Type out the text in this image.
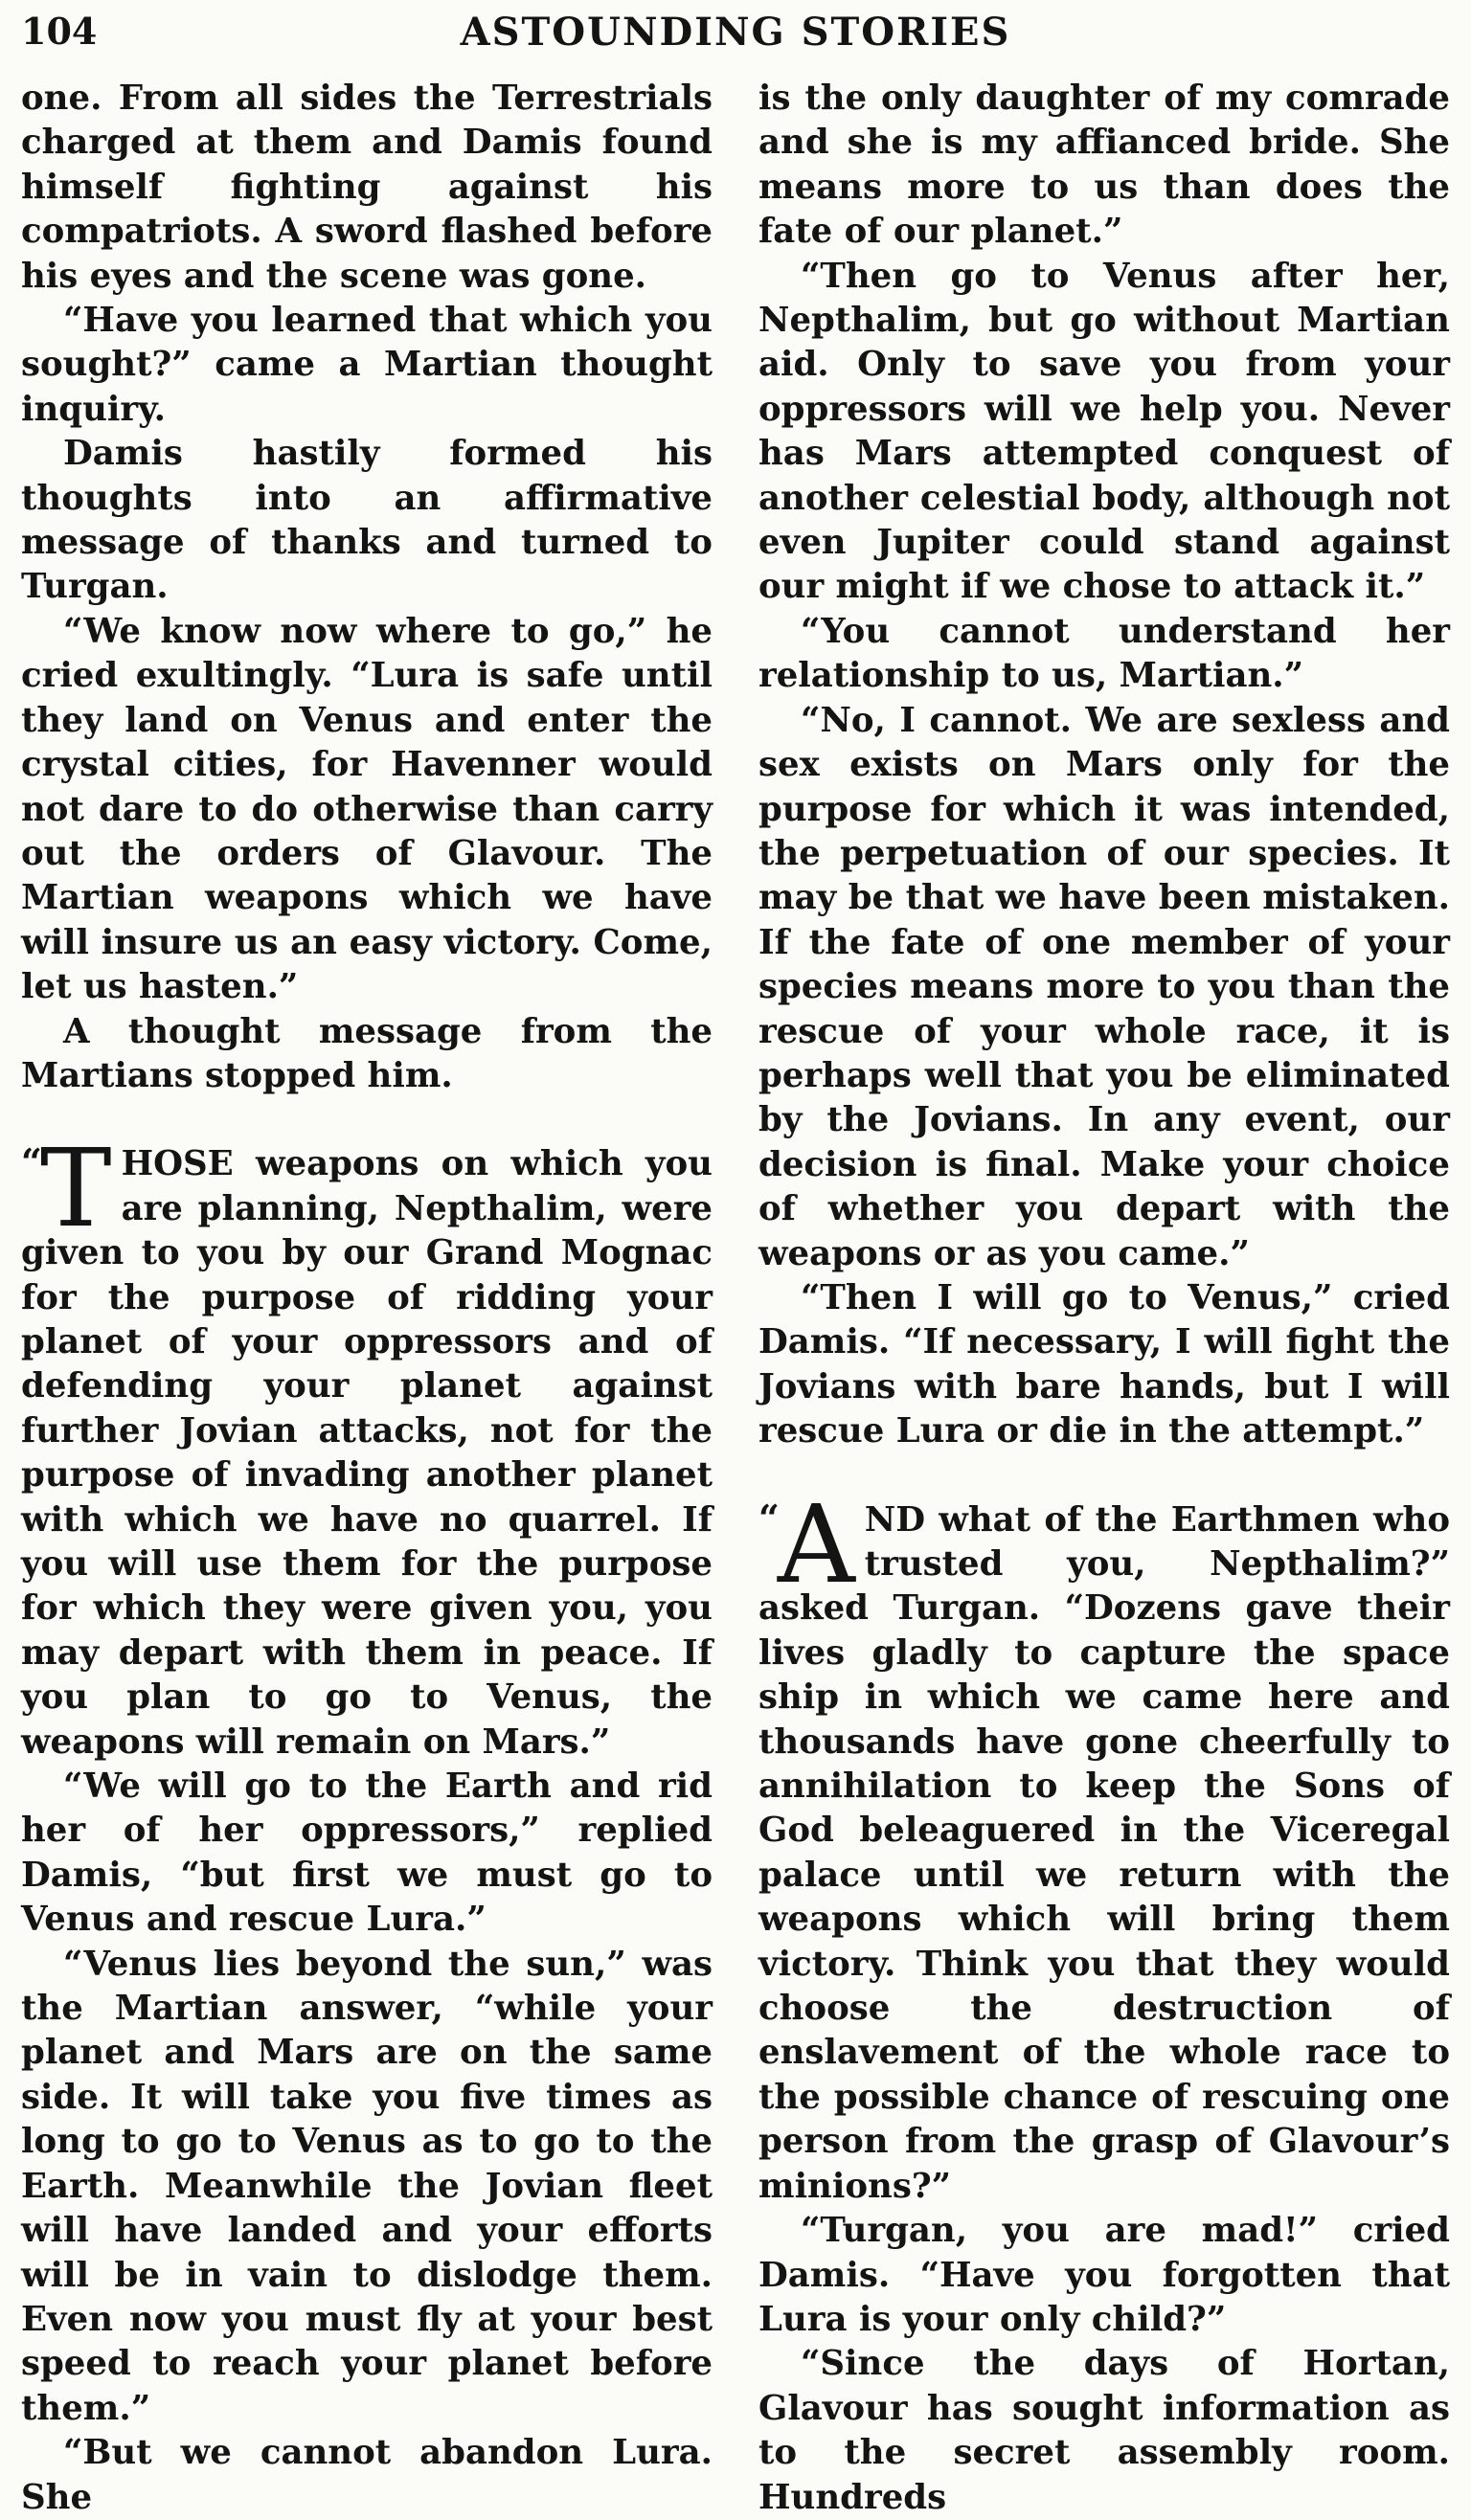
104	ASTOUNDING STORIES

one. From all sides the Terrestrials charged at them and Damis found himself fighting against his compatriots. A sword flashed before his eyes and the scene was gone.

“Have you learned that which you sought?” came a Martian thought inquiry.

Damis hastily formed his thoughts into an affirmative message of thanks and turned to Turgan.

“We know now where to go,” he cried exultingly. “Lura is safe until they land on Venus and enter the crystal cities, for Havenner would not dare to do otherwise than carry out the orders of Glavour. The Martian weapons which we have will insure us an easy victory. Come, let us hasten.”

A thought message from the Martians stopped him.

“
T HOSE weapons on which you are planning, Nepthalim, were given to you by our Grand Mognac for the purpose of ridding your planet of your oppressors and of defending your planet against further Jovian attacks, not for the purpose of invading another planet with which we have no quarrel. If you will use them for the purpose for which they were given you, you may depart with them in peace. If you plan to go to Venus, the weapons will remain on Mars.”

“We will go to the Earth and rid her of her oppressors,” replied Damis, “but first we must go to Venus and rescue Lura.”

“Venus lies beyond the sun,” was the Martian answer, “while your planet and Mars are on the same side. It will take you five times as long to go to Venus as to go to the Earth. Meanwhile the Jovian fleet will have landed and your efforts will be in vain to dislodge them. Even now you must fly at your best speed to reach your planet before them.”

“But we cannot abandon Lura. She

is the only daughter of my comrade and she is my affianced bride. She means more to us than does the fate of our planet.”

“Then go to Venus after her, Nepthalim, but go without Martian aid. Only to save you from your oppressors will we help you. Never has Mars attempted conquest of another celestial body, although not even Jupiter could stand against our might if we chose to attack it.”

“You cannot understand her relationship to us, Martian.”

“No, I cannot. We are sexless and sex exists on Mars only for the purpose for which it was intended, the perpetuation of our species. It may be that we have been mistaken. If the fate of one member of your species means more to you than the rescue of your whole race, it is perhaps well that you be eliminated by the Jovians. In any event, our decision is final. Make your choice of whether you depart with the weapons or as you came.”

“Then I will go to Venus,” cried Damis. “If necessary, I will fight the Jovians with bare hands, but I will rescue Lura or die in the attempt.”

“
A ND what of the Earthmen who trusted you, Nepthalim?” asked Turgan. “Dozens gave their lives gladly to capture the space ship in which we came here and thousands have gone cheerfully to annihilation to keep the Sons of God beleaguered in the Viceregal palace until we return with the weapons which will bring them victory. Think you that they would choose the destruction of enslavement of the whole race to the possible chance of rescuing one person from the grasp of Glavour’s minions?”

“Turgan, you are mad!” cried Damis. “Have you forgotten that Lura is your only child?”

“Since the days of Hortan, Glavour has sought information as to the secret assembly room. Hundreds
